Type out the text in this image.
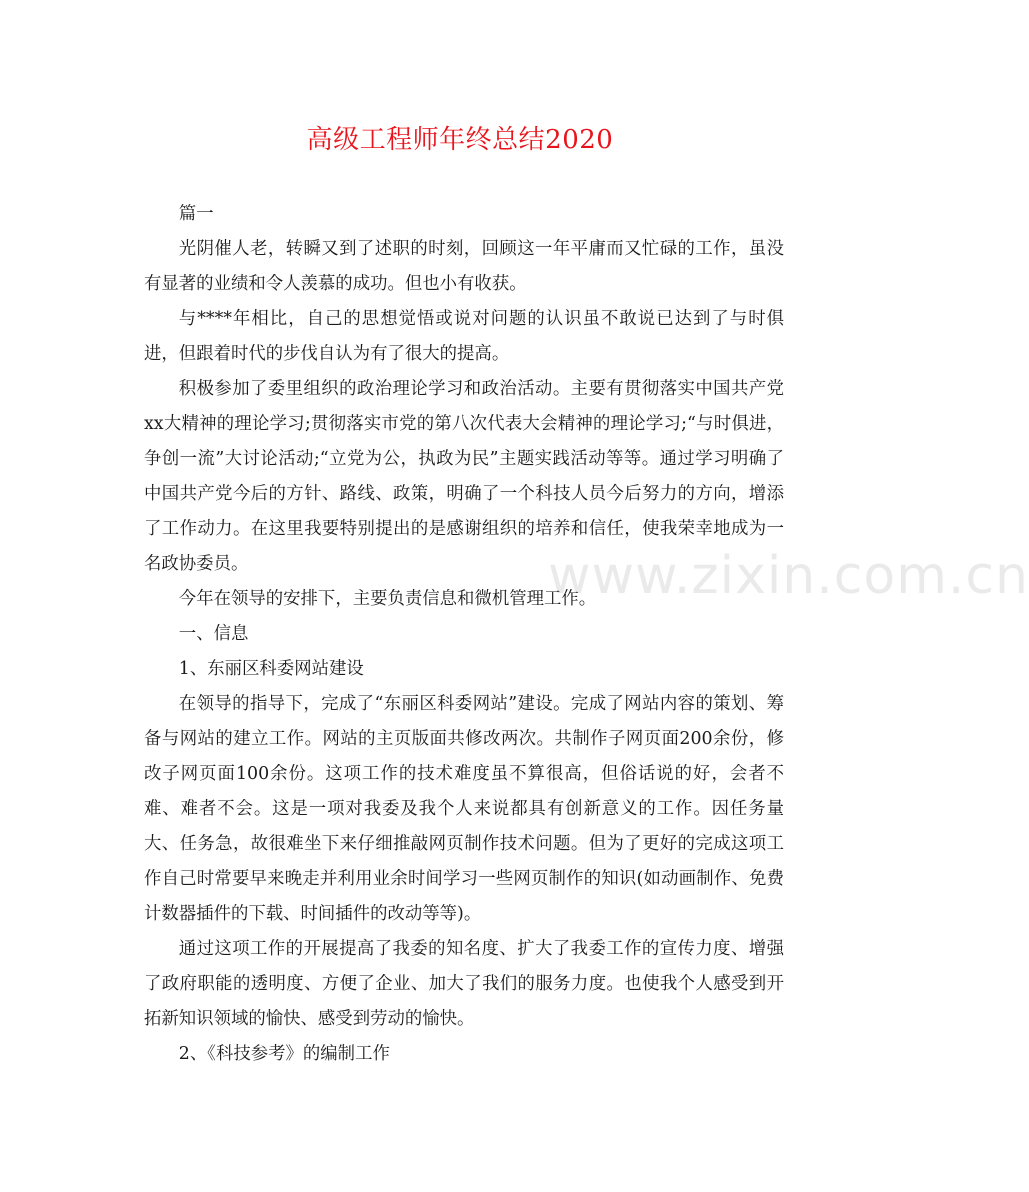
高级工程师年终总结2020

篇一

光阴催人老，转瞬又到了述职的时刻，回顾这一年平庸而又忙碌的工作，虽没有显著的业绩和令人羡慕的成功。但也小有收获。

与****年相比，自己的思想觉悟或说对问题的认识虽不敢说已达到了与时俱进，但跟着时代的步伐自认为有了很大的提高。

积极参加了委里组织的政治理论学习和政治活动。主要有贯彻落实中国共产党xx大精神的理论学习;贯彻落实市党的第八次代表大会精神的理论学习;“与时俱进，争创一流”大讨论活动;“立党为公，执政为民”主题实践活动等等。通过学习明确了中国共产党今后的方针、路线、政策，明确了一个科技人员今后努力的方向，增添了工作动力。在这里我要特别提出的是感谢组织的培养和信任，使我荣幸地成为一名政协委员。

今年在领导的安排下，主要负责信息和微机管理工作。

一、信息

1、东丽区科委网站建设

在领导的指导下，完成了“东丽区科委网站”建设。完成了网站内容的策划、筹备与网站的建立工作。网站的主页版面共修改两次。共制作子网页面200余份，修改子网页面100余份。这项工作的技术难度虽不算很高，但俗话说的好，会者不难、难者不会。这是一项对我委及我个人来说都具有创新意义的工作。因任务量大、任务急，故很难坐下来仔细推敲网页制作技术问题。但为了更好的完成这项工作自己时常要早来晚走并利用业余时间学习一些网页制作的知识(如动画制作、免费计数器插件的下载、时间插件的改动等等)。

通过这项工作的开展提高了我委的知名度、扩大了我委工作的宣传力度、增强了政府职能的透明度、方便了企业、加大了我们的服务力度。也使我个人感受到开拓新知识领域的愉快、感受到劳动的愉快。

2、《科技参考》的编制工作

www.zixin.com.cn
